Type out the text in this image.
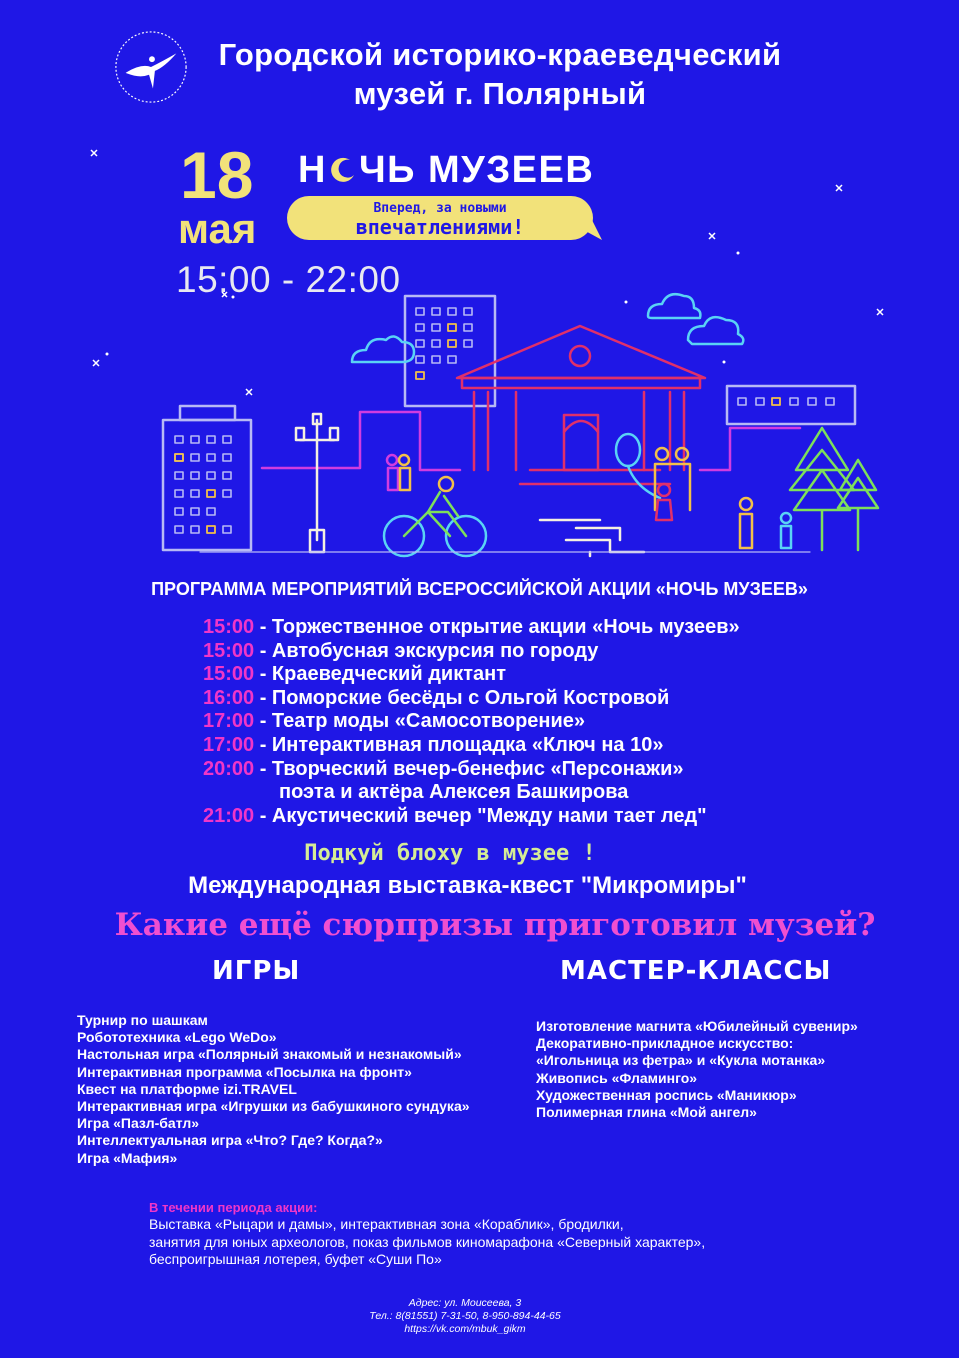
Городской историко-краеведческий
музей г. Полярный
18
мая
Н ЧЬ МУЗЕЕВ
Вперед, за новыми
впечатлениями!
15:00 - 22:00
ПРОГРАММА МЕРОПРИЯТИЙ ВСЕРОССИЙСКОЙ АКЦИИ «НОЧЬ МУЗЕЕВ»
15:00 - Торжественное открытие акции «Ночь музеев»
15:00 - Автобусная экскурсия по городу
15:00 - Краеведческий диктант
16:00 - Поморские бесёды с Ольгой Костровой
17:00 - Театр моды «Самосотворение»
17:00 - Интерактивная площадка «Ключ на 10»
20:00 - Творческий вечер-бенефис «Персонажи»
поэта и актёра Алексея Башкирова
21:00 - Акустический вечер "Между нами тает лед"
Подкуй блоху в музее !
Международная выставка-квест "Микромиры"
Какие ещё сюрпризы приготовил музей?
ИГРЫ
Турнир по шашкам
Робототехника «Lego WeDo»
Настольная игра «Полярный знакомый и незнакомый»
Интерактивная программа «Посылка на фронт»
Квест на платформе izi.TRAVEL
Интерактивная игра «Игрушки из бабушкиного сундука»
Игра «Пазл-батл»
Интеллектуальная игра «Что? Где? Когда?»
Игра «Мафия»
МАСТЕР-КЛАССЫ
Изготовление магнита «Юбилейный сувенир»
Декоративно-прикладное искусство:
«Игольница из фетра» и «Кукла мотанка»
Живопись «Фламинго»
Художественная роспись «Маникюр»
Полимерная глина «Мой ангел»
В течении периода акции:
Выставка «Рыцари и дамы», интерактивная зона «Кораблик», бродилки,
занятия для юных археологов, показ фильмов киномарафона «Северный характер»,
беспроигрышная лотерея, буфет «Суши По»
Адрес: ул. Моисеева, 3
Тел.: 8(81551) 7-31-50, 8-950-894-44-65
https://vk.com/mbuk_gikm
